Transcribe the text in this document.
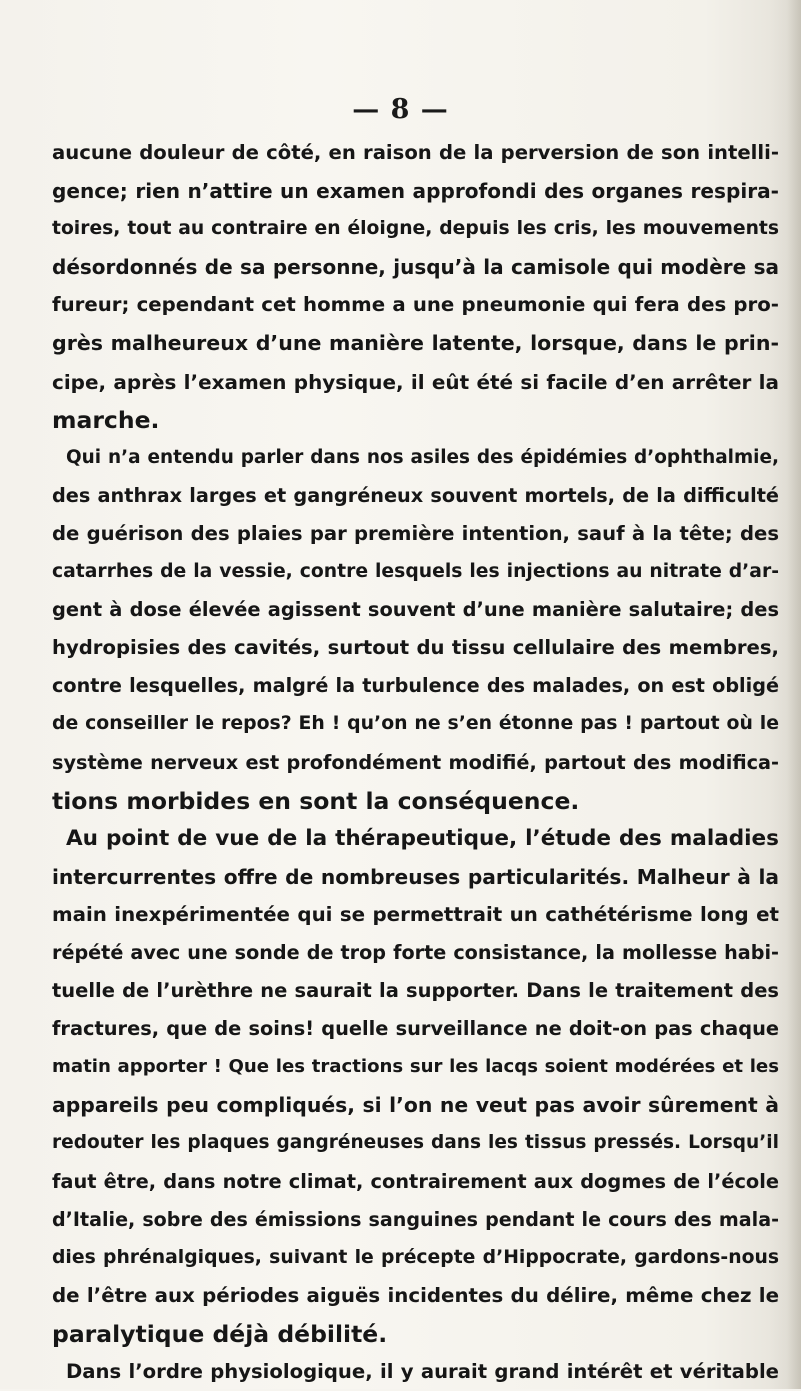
— 8 —
aucune douleur de côté, en raison de la perversion de son intelli-
gence; rien n’attire un examen approfondi des organes respira-
toires, tout au contraire en éloigne, depuis les cris, les mouvements
désordonnés de sa personne, jusqu’à la camisole qui modère sa
fureur; cependant cet homme a une pneumonie qui fera des pro-
grès malheureux d’une manière latente, lorsque, dans le prin-
cipe, après l’examen physique, il eût été si facile d’en arrêter la
marche.
Qui n’a entendu parler dans nos asiles des épidémies d’ophthalmie,
des anthrax larges et gangréneux souvent mortels, de la difficulté
de guérison des plaies par première intention, sauf à la tête; des
catarrhes de la vessie, contre lesquels les injections au nitrate d’ar-
gent à dose élevée agissent souvent d’une manière salutaire; des
hydropisies des cavités, surtout du tissu cellulaire des membres,
contre lesquelles, malgré la turbulence des malades, on est obligé
de conseiller le repos? Eh ! qu’on ne s’en étonne pas ! partout où le
système nerveux est profondément modifié, partout des modifica-
tions morbides en sont la conséquence.
Au point de vue de la thérapeutique, l’étude des maladies
intercurrentes offre de nombreuses particularités. Malheur à la
main inexpérimentée qui se permettrait un cathétérisme long et
répété avec une sonde de trop forte consistance, la mollesse habi-
tuelle de l’urèthre ne saurait la supporter. Dans le traitement des
fractures, que de soins! quelle surveillance ne doit-on pas chaque
matin apporter ! Que les tractions sur les lacqs soient modérées et les
appareils peu compliqués, si l’on ne veut pas avoir sûrement à
redouter les plaques gangréneuses dans les tissus pressés. Lorsqu’il
faut être, dans notre climat, contrairement aux dogmes de l’école
d’Italie, sobre des émissions sanguines pendant le cours des mala-
dies phrénalgiques, suivant le précepte d’Hippocrate, gardons-nous
de l’être aux périodes aiguës incidentes du délire, même chez le
paralytique déjà débilité.
Dans l’ordre physiologique, il y aurait grand intérêt et véritable
